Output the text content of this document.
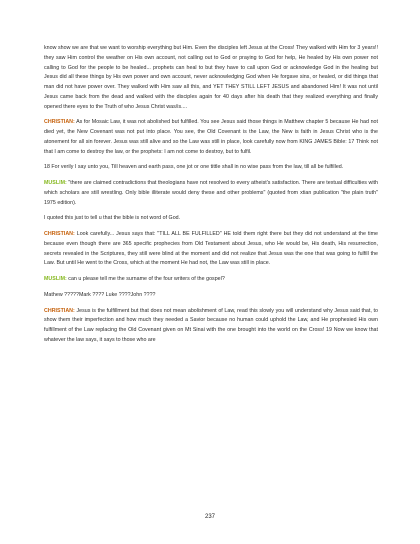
know show we are that we want to worship everything but Him. Even the disciples left Jesus at the Cross! They walked with Him for 3 years!! they saw Him control the weather on His own account, not calling out to God or praying to God for help, He healed by His own power not calling to God for the people to be healed... prophets can heal to but they have to call upon God or acknowledge God in the healing but Jesus did all these things by His own power and own account, never acknowledging God when He forgave sins, or healed, or did things that man did not have power over. They walked with Him saw all this, and YET THEY STILL LEFT JESUS and abandoned Him! It was not until Jesus came back from the dead and walked with the disciples again for 40 days after his death that they realized everything and finally opened there eyes to the Truth of who Jesus Christ was/is....

CHRISTIAN: As for Mosaic Law, it was not abolished but fulfilled. You see Jesus said those things in Matthew chapter 5 because He had not died yet, the New Covenant was not put into place. You see, the Old Covenant is the Law, the New is faith in Jesus Christ who is the atonement for all sin forever. Jesus was still alive and so the Law was still in place, look carefully now from KING JAMES Bible: 17 Think not that I am come to destroy the law, or the prophets: I am not come to destroy, but to fulfil.

18 For verily I say unto you, Till heaven and earth pass, one jot or one tittle shall in no wise pass from the law, till all be fulfilled.

MUSLIM: "there are claimed contradictions that theologians have not resolved to every atheist's satisfaction. There are textual difficulties with which scholars are still wrestling. Only bible illiterate would deny these and other problems" (quoted from xtian publication "the plain truth" 1975 edition).

I quoted this just to tell u that the bible is not word of God.

CHRISTIAN: Look carefully... Jesus says that: "TILL ALL BE FULFILLED" HE told them right there but they did not understand at the time because even though there are 365 specific prophecies from Old Testament about Jesus, who He would be, His death, His resurrection, secrets revealed in the Scriptures, they still were blind at the moment and did not realize that Jesus was the one that was going to fulfill the Law. But until He went to the Cross, which at the moment He had not, the Law was still in place.

MUSLIM: can u please tell me the surname of the four writers of the gospel?

Mathew ?????Mark ???? Luke ????John ????

CHRISTIAN: Jesus is the fulfillment but that does not mean abolishment of Law, read this slowly you will understand why Jesus said that, to show them their imperfection and how much they needed a Savior because no human could uphold the Law, and He prophesied His own fulfillment of the Law replacing the Old Covenant given on Mt Sinai with the one brought into the world on the Cross! 19 Now we know that whatever the law says, it says to those who are

237
